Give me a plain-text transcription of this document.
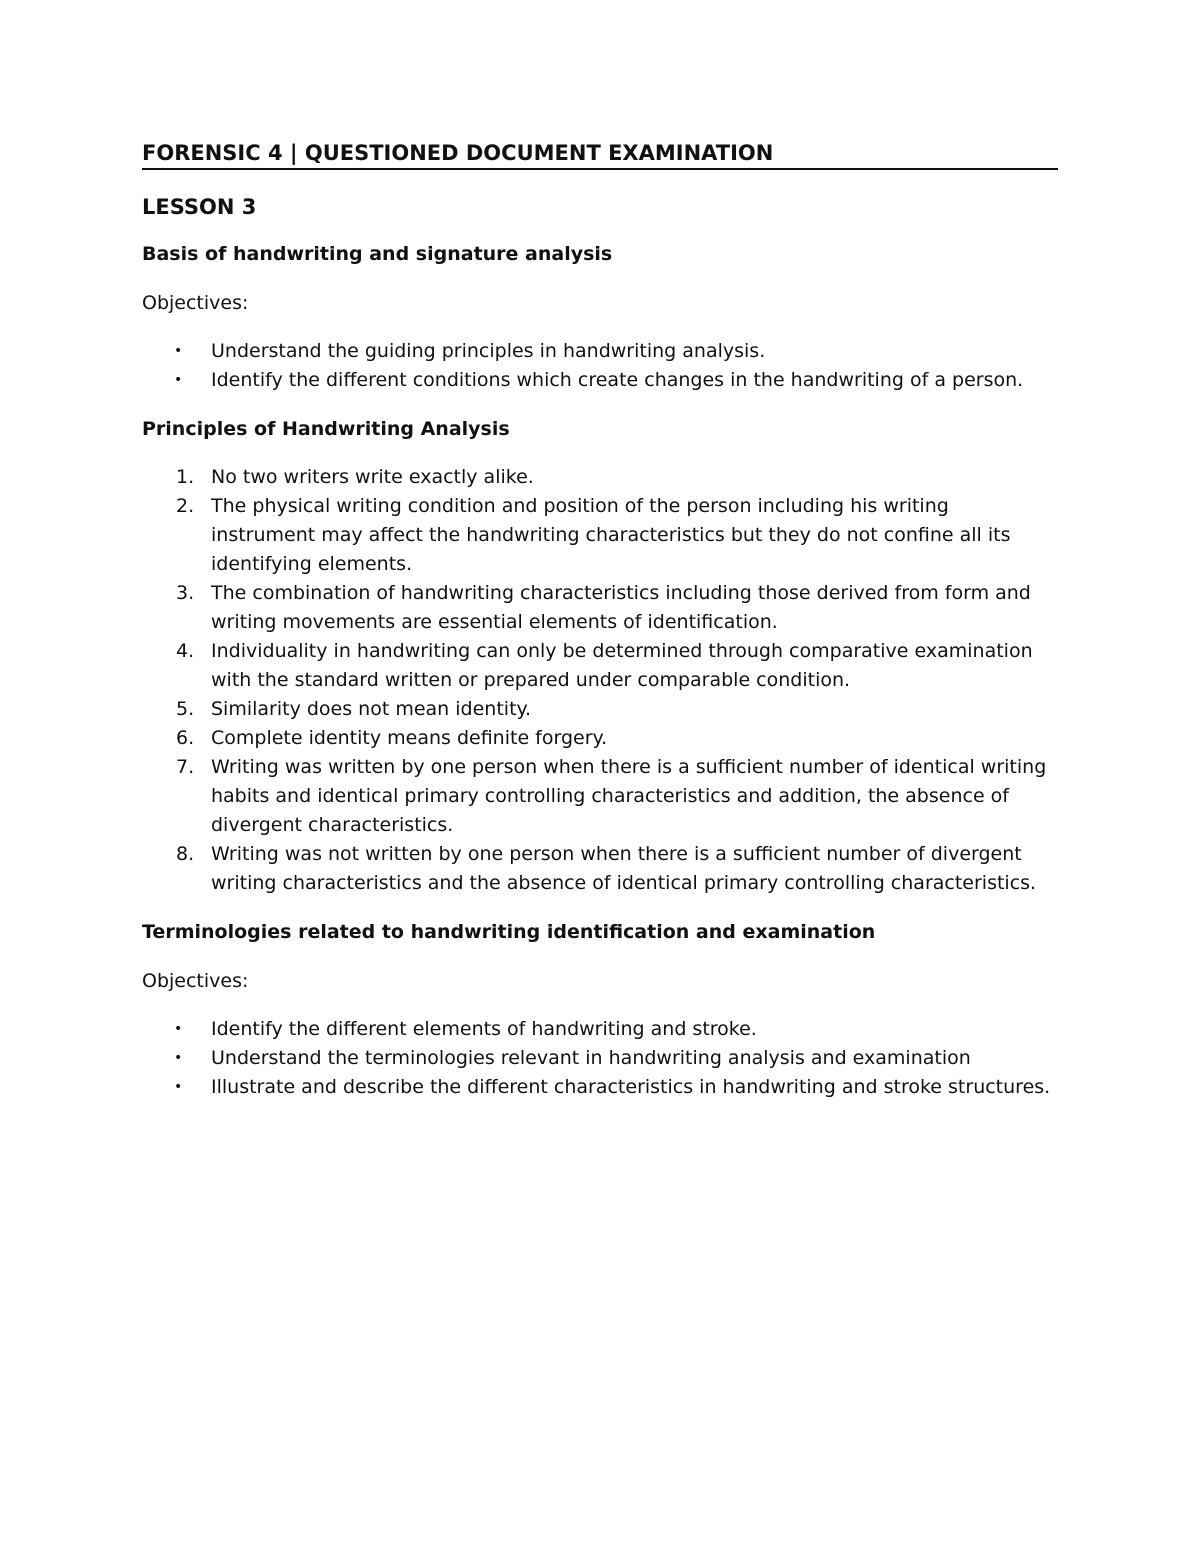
FORENSIC 4 | QUESTIONED DOCUMENT EXAMINATION
LESSON 3
Basis of handwriting and signature analysis

Objectives:

• Understand the guiding principles in handwriting analysis.
• Identify the different conditions which create changes in the handwriting of a person.
Principles of Handwriting Analysis
1. No two writers write exactly alike.
2. The physical writing condition and position of the person including his writing instrument may affect the handwriting characteristics but they do not confine all its identifying elements.
3. The combination of handwriting characteristics including those derived from form and writing movements are essential elements of identification.
4. Individuality in handwriting can only be determined through comparative examination with the standard written or prepared under comparable condition.
5. Similarity does not mean identity.
6. Complete identity means definite forgery.
7. Writing was written by one person when there is a sufficient number of identical writing habits and identical primary controlling characteristics and addition, the absence of divergent characteristics.
8. Writing was not written by one person when there is a sufficient number of divergent writing characteristics and the absence of identical primary controlling characteristics.
Terminologies related to handwriting identification and examination

Objectives:

• Identify the different elements of handwriting and stroke.
• Understand the terminologies relevant in handwriting analysis and examination
• Illustrate and describe the different characteristics in handwriting and stroke structures.
